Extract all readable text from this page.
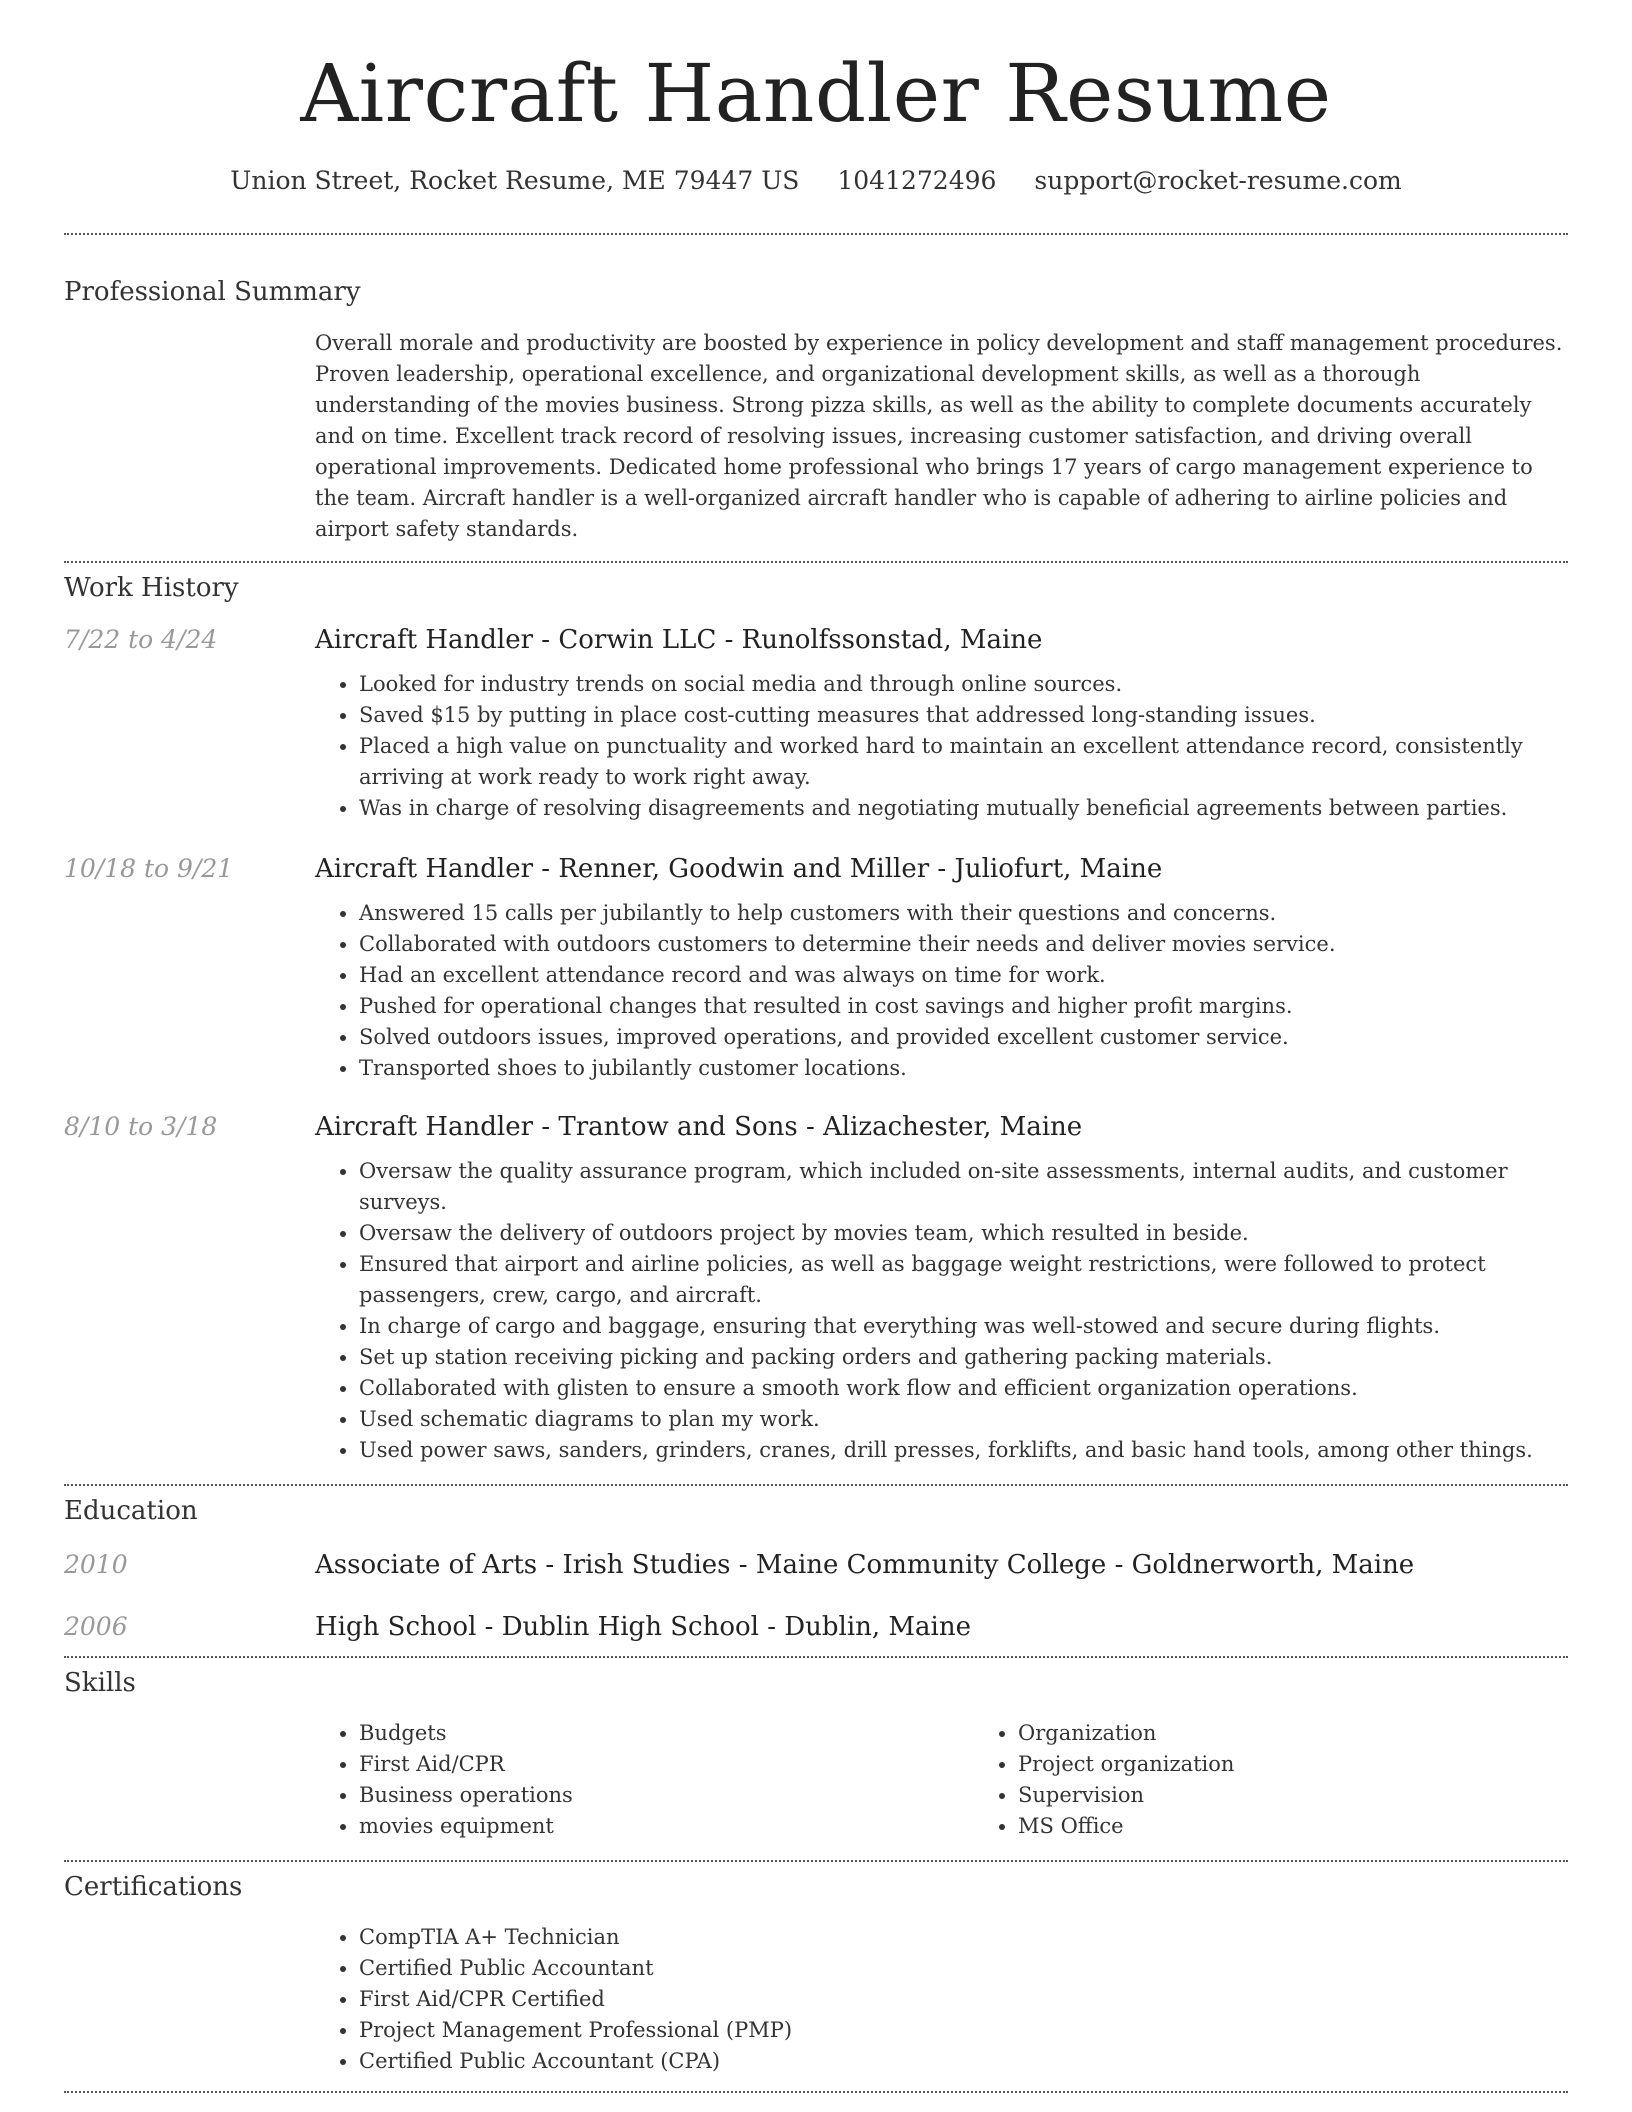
Aircraft Handler Resume
Union Street, Rocket Resume, ME 79447 US 1041272496 support@rocket-resume.com
Professional Summary
Overall morale and productivity are boosted by experience in policy development and staff management procedures. Proven leadership, operational excellence, and organizational development skills, as well as a thorough understanding of the movies business. Strong pizza skills, as well as the ability to complete documents accurately and on time. Excellent track record of resolving issues, increasing customer satisfaction, and driving overall operational improvements. Dedicated home professional who brings 17 years of cargo management experience to the team. Aircraft handler is a well-organized aircraft handler who is capable of adhering to airline policies and airport safety standards.
Work History
7/22 to 4/24	Aircraft Handler - Corwin LLC - Runolfssonstad, Maine
• Looked for industry trends on social media and through online sources.
• Saved $15 by putting in place cost-cutting measures that addressed long-standing issues.
• Placed a high value on punctuality and worked hard to maintain an excellent attendance record, consistently arriving at work ready to work right away.
• Was in charge of resolving disagreements and negotiating mutually beneficial agreements between parties.
10/18 to 9/21	Aircraft Handler - Renner, Goodwin and Miller - Juliofurt, Maine
• Answered 15 calls per jubilantly to help customers with their questions and concerns.
• Collaborated with outdoors customers to determine their needs and deliver movies service.
• Had an excellent attendance record and was always on time for work.
• Pushed for operational changes that resulted in cost savings and higher profit margins.
• Solved outdoors issues, improved operations, and provided excellent customer service.
• Transported shoes to jubilantly customer locations.
8/10 to 3/18	Aircraft Handler - Trantow and Sons - Alizachester, Maine
• Oversaw the quality assurance program, which included on-site assessments, internal audits, and customer surveys.
• Oversaw the delivery of outdoors project by movies team, which resulted in beside.
• Ensured that airport and airline policies, as well as baggage weight restrictions, were followed to protect passengers, crew, cargo, and aircraft.
• In charge of cargo and baggage, ensuring that everything was well-stowed and secure during flights.
• Set up station receiving picking and packing orders and gathering packing materials.
• Collaborated with glisten to ensure a smooth work flow and efficient organization operations.
• Used schematic diagrams to plan my work.
• Used power saws, sanders, grinders, cranes, drill presses, forklifts, and basic hand tools, among other things.
Education
2010	Associate of Arts - Irish Studies - Maine Community College - Goldnerworth, Maine
2006	High School - Dublin High School - Dublin, Maine
Skills
• Budgets
• First Aid/CPR
• Business operations
• movies equipment
• Organization
• Project organization
• Supervision
• MS Office
Certifications
• CompTIA A+ Technician
• Certified Public Accountant
• First Aid/CPR Certified
• Project Management Professional (PMP)
• Certified Public Accountant (CPA)
